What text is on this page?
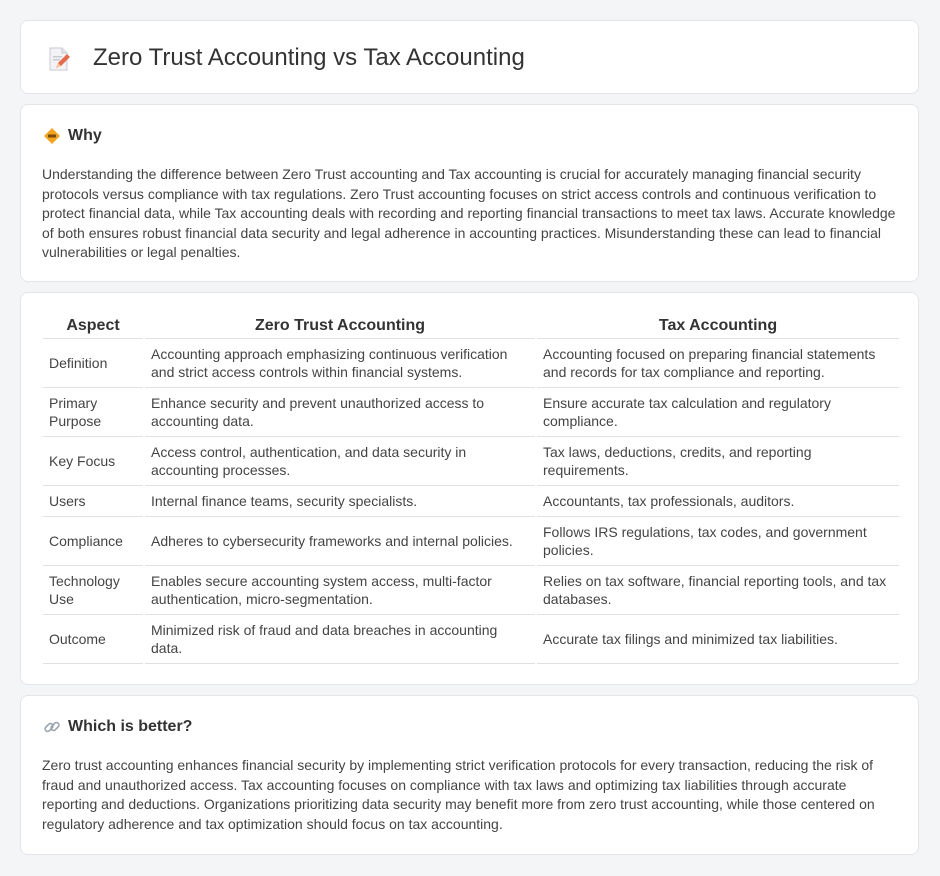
Zero Trust Accounting vs Tax Accounting
Why

Understanding the difference between Zero Trust accounting and Tax accounting is crucial for accurately managing financial security protocols versus compliance with tax regulations. Zero Trust accounting focuses on strict access controls and continuous verification to protect financial data, while Tax accounting deals with recording and reporting financial transactions to meet tax laws. Accurate knowledge of both ensures robust financial data security and legal adherence in accounting practices. Misunderstanding these can lead to financial vulnerabilities or legal penalties.

Aspect	Zero Trust Accounting	Tax Accounting
Definition	Accounting approach emphasizing continuous verification and strict access controls within financial systems.	Accounting focused on preparing financial statements and records for tax compliance and reporting.
Primary Purpose	Enhance security and prevent unauthorized access to accounting data.	Ensure accurate tax calculation and regulatory compliance.
Key Focus	Access control, authentication, and data security in accounting processes.	Tax laws, deductions, credits, and reporting requirements.
Users	Internal finance teams, security specialists.	Accountants, tax professionals, auditors.
Compliance	Adheres to cybersecurity frameworks and internal policies.	Follows IRS regulations, tax codes, and government policies.
Technology Use	Enables secure accounting system access, multi-factor authentication, micro-segmentation.	Relies on tax software, financial reporting tools, and tax databases.
Outcome	Minimized risk of fraud and data breaches in accounting data.	Accurate tax filings and minimized tax liabilities.
Which is better?

Zero trust accounting enhances financial security by implementing strict verification protocols for every transaction, reducing the risk of fraud and unauthorized access. Tax accounting focuses on compliance with tax laws and optimizing tax liabilities through accurate reporting and deductions. Organizations prioritizing data security may benefit more from zero trust accounting, while those centered on regulatory adherence and tax optimization should focus on tax accounting.
